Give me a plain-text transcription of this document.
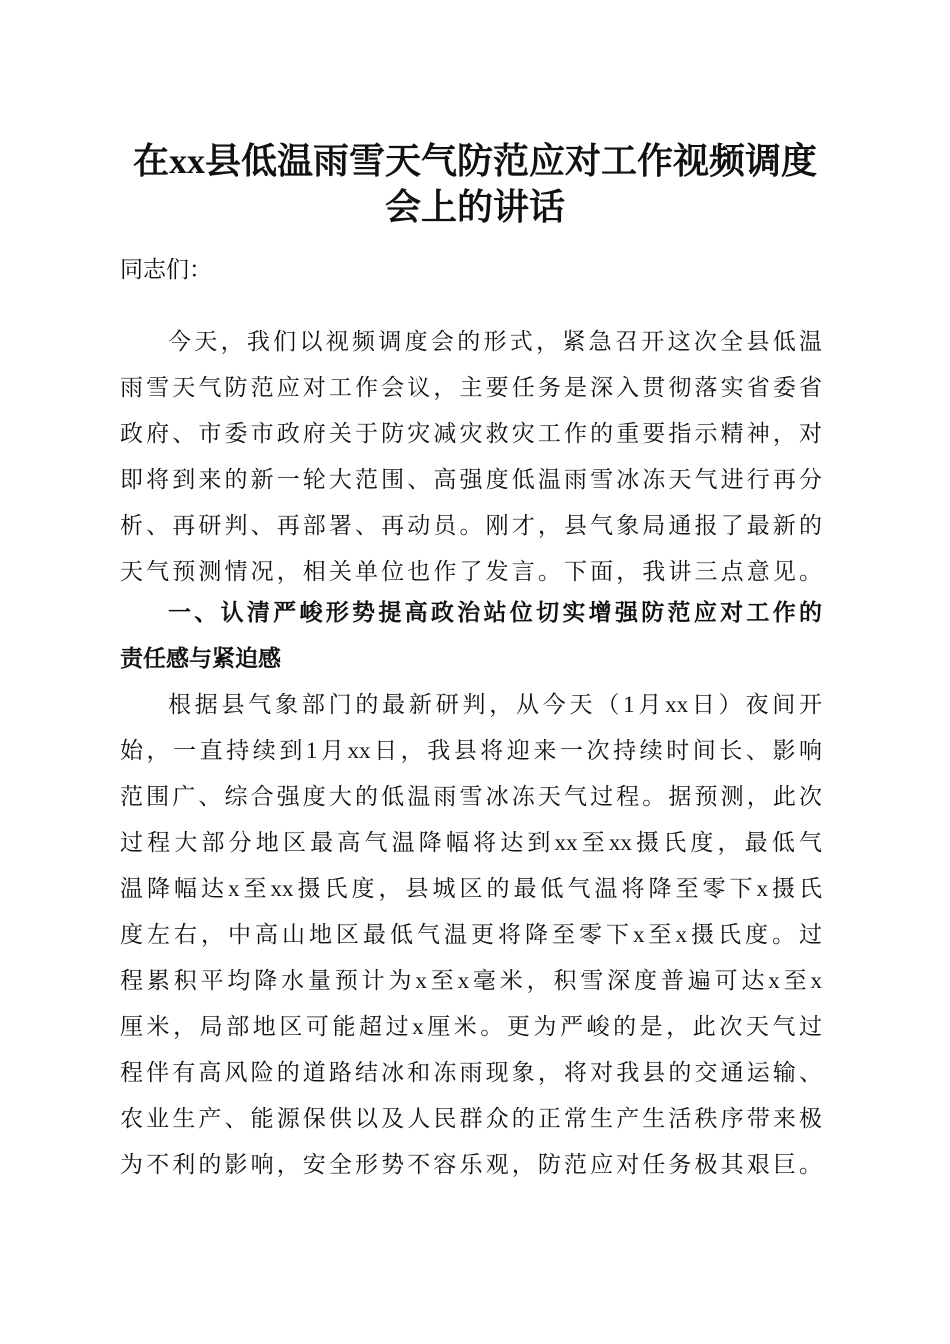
在xx县低温雨雪天气防范应对工作视频调度
会上的讲话
同志们：
今天，我们以视频调度会的形式，紧急召开这次全县低温
雨雪天气防范应对工作会议，主要任务是深入贯彻落实省委省
政府、市委市政府关于防灾减灾救灾工作的重要指示精神，对
即将到来的新一轮大范围、高强度低温雨雪冰冻天气进行再分
析、再研判、再部署、再动员。刚才，县气象局通报了最新的
天气预测情况，相关单位也作了发言。下面，我讲三点意见。
一、认清严峻形势提高政治站位切实增强防范应对工作的
责任感与紧迫感
根据县气象部门的最新研判，从今天（1月xx日）夜间开
始，一直持续到1月xx日，我县将迎来一次持续时间长、影响
范围广、综合强度大的低温雨雪冰冻天气过程。据预测，此次
过程大部分地区最高气温降幅将达到xx至xx摄氏度，最低气
温降幅达x至xx摄氏度，县城区的最低气温将降至零下x摄氏
度左右，中高山地区最低气温更将降至零下x至x摄氏度。过
程累积平均降水量预计为x至x毫米，积雪深度普遍可达x至x
厘米，局部地区可能超过x厘米。更为严峻的是，此次天气过
程伴有高风险的道路结冰和冻雨现象，将对我县的交通运输、
农业生产、能源保供以及人民群众的正常生产生活秩序带来极
为不利的影响，安全形势不容乐观，防范应对任务极其艰巨。
